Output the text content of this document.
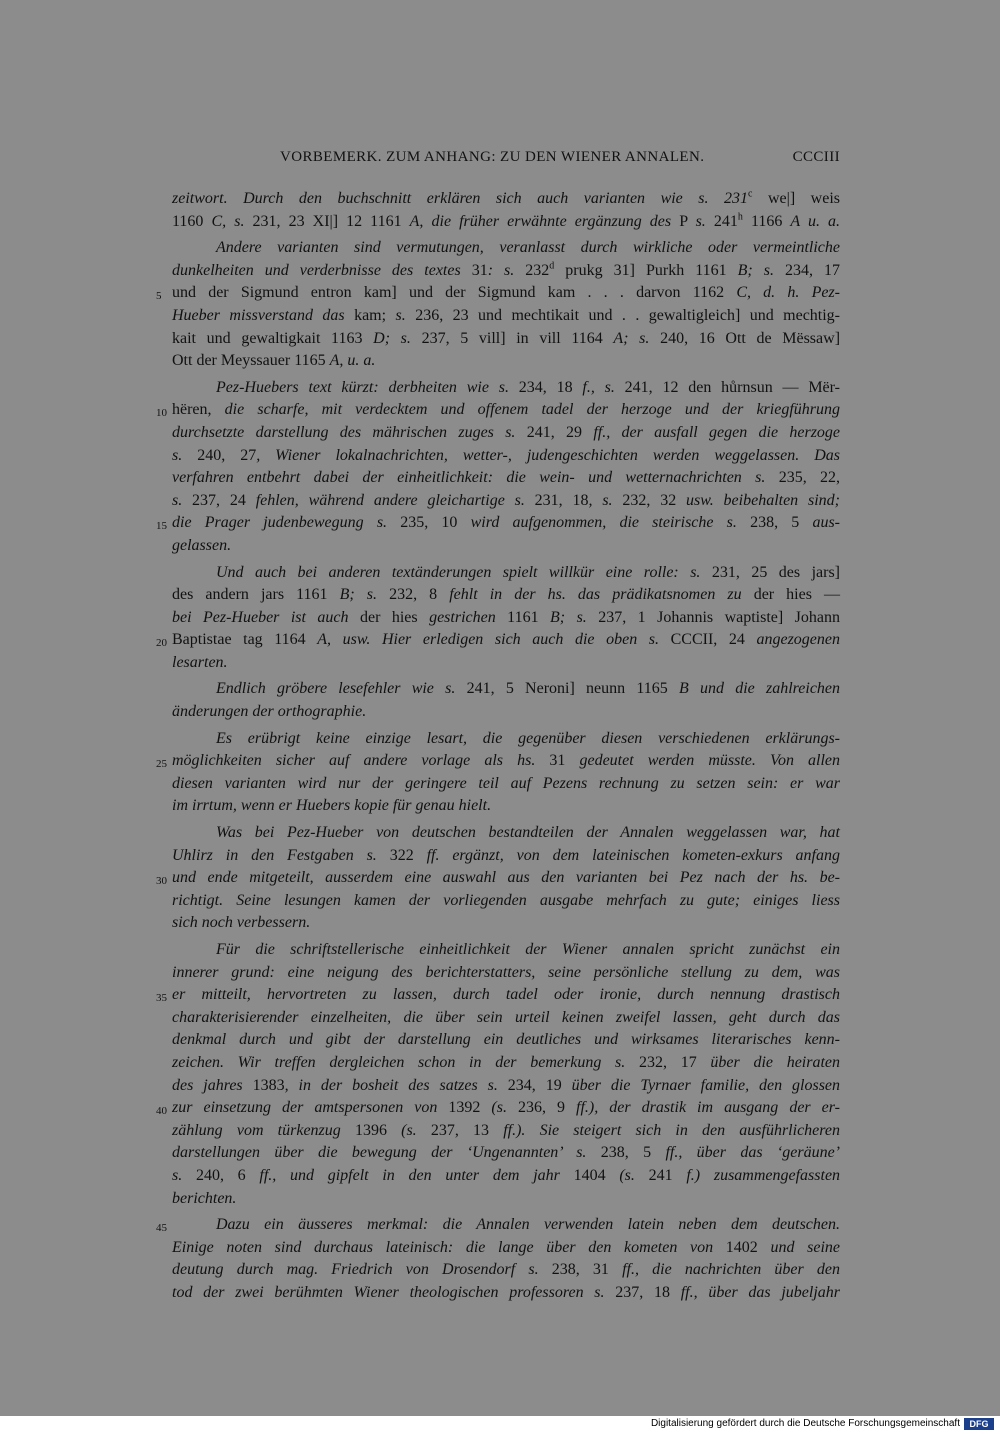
VORBEMERK. ZUM ANHANG: ZU DEN WIENER ANNALEN.	CCCIII
zeitwort. Durch den buchschnitt erklären sich auch varianten wie s. 231$^c$ we|] weis
1160 C, s. 231, 23 XI|] 12 1161 A, die früher erwähnte ergänzung des P s. 241$^h$ 1166 A u. a.
Andere varianten sind vermutungen, veranlasst durch wirkliche oder vermeintliche
dunkelheiten und verderbnisse des textes 31: s. 232$^d$ prukg 31] Purkh 1161 B; s. 234, 17
5 und der Sigmund entron kam] und der Sigmund kam . . . darvon 1162 C, d. h. Pez-
Hueber missverstand das kam; s. 236, 23 und mechtikait und . . gewaltigleich] und mechtig-
kait und gewaltigkait 1163 D; s. 237, 5 vill] in vill 1164 A; s. 240, 16 Ott de Mëssaw]
Ott der Meyssauer 1165 A, u. a.
Pez-Huebers text kürzt: derbheiten wie s. 234, 18 f., s. 241, 12 den hůrnsun — Mër-
10 hëren, die scharfe, mit verdecktem und offenem tadel der herzoge und der kriegführung
durchsetzte darstellung des mährischen zuges s. 241, 29 ff., der ausfall gegen die herzoge
s. 240, 27, Wiener lokalnachrichten, wetter-, judengeschichten werden weggelassen. Das
verfahren entbehrt dabei der einheitlichkeit: die wein- und wetternachrichten s. 235, 22,
s. 237, 24 fehlen, während andere gleichartige s. 231, 18, s. 232, 32 usw. beibehalten sind;
15 die Prager judenbewegung s. 235, 10 wird aufgenommen, die steirische s. 238, 5 aus-
gelassen.
Und auch bei anderen textänderungen spielt willkür eine rolle: s. 231, 25 des jars]
des andern jars 1161 B; s. 232, 8 fehlt in der hs. das prädikatsnomen zu der hies —
bei Pez-Hueber ist auch der hies gestrichen 1161 B; s. 237, 1 Johannis waptiste] Johann
20 Baptistae tag 1164 A, usw. Hier erledigen sich auch die oben s. CCCII, 24 angezogenen
lesarten.
Endlich gröbere lesefehler wie s. 241, 5 Neroni] neunn 1165 B und die zahlreichen
änderungen der orthographie.
Es erübrigt keine einzige lesart, die gegenüber diesen verschiedenen erklärungs-
25 möglichkeiten sicher auf andere vorlage als hs. 31 gedeutet werden müsste. Von allen
diesen varianten wird nur der geringere teil auf Pezens rechnung zu setzen sein: er war
im irrtum, wenn er Huebers kopie für genau hielt.
Was bei Pez-Hueber von deutschen bestandteilen der Annalen weggelassen war, hat
Uhlirz in den Festgaben s. 322 ff. ergänzt, von dem lateinischen kometen-exkurs anfang
30 und ende mitgeteilt, ausserdem eine auswahl aus den varianten bei Pez nach der hs. be-
richtigt. Seine lesungen kamen der vorliegenden ausgabe mehrfach zu gute; einiges liess
sich noch verbessern.
Für die schriftstellerische einheitlichkeit der Wiener annalen spricht zunächst ein
innerer grund: eine neigung des berichterstatters, seine persönliche stellung zu dem, was
35 er mitteilt, hervortreten zu lassen, durch tadel oder ironie, durch nennung drastisch
charakterisierender einzelheiten, die über sein urteil keinen zweifel lassen, geht durch das
denkmal durch und gibt der darstellung ein deutliches und wirksames literarisches kenn-
zeichen. Wir treffen dergleichen schon in der bemerkung s. 232, 17 über die heiraten
des jahres 1383, in der bosheit des satzes s. 234, 19 über die Tyrnaer familie, den glossen
40 zur einsetzung der amtspersonen von 1392 (s. 236, 9 ff.), der drastik im ausgang der er-
zählung vom türkenzug 1396 (s. 237, 13 ff.). Sie steigert sich in den ausführlicheren
darstellungen über die bewegung der ‘Ungenannten’ s. 238, 5 ff., über das ‘geräune’
s. 240, 6 ff., und gipfelt in den unter dem jahr 1404 (s. 241 f.) zusammengefassten
berichten.
45	Dazu ein äusseres merkmal: die Annalen verwenden latein neben dem deutschen.
Einige noten sind durchaus lateinisch: die lange über den kometen von 1402 und seine
deutung durch mag. Friedrich von Drosendorf s. 238, 31 ff., die nachrichten über den
tod der zwei berühmten Wiener theologischen professoren s. 237, 18 ff., über das jubeljahr
Digitalisierung gefördert durch die Deutsche Forschungsgemeinschaft	DFG
